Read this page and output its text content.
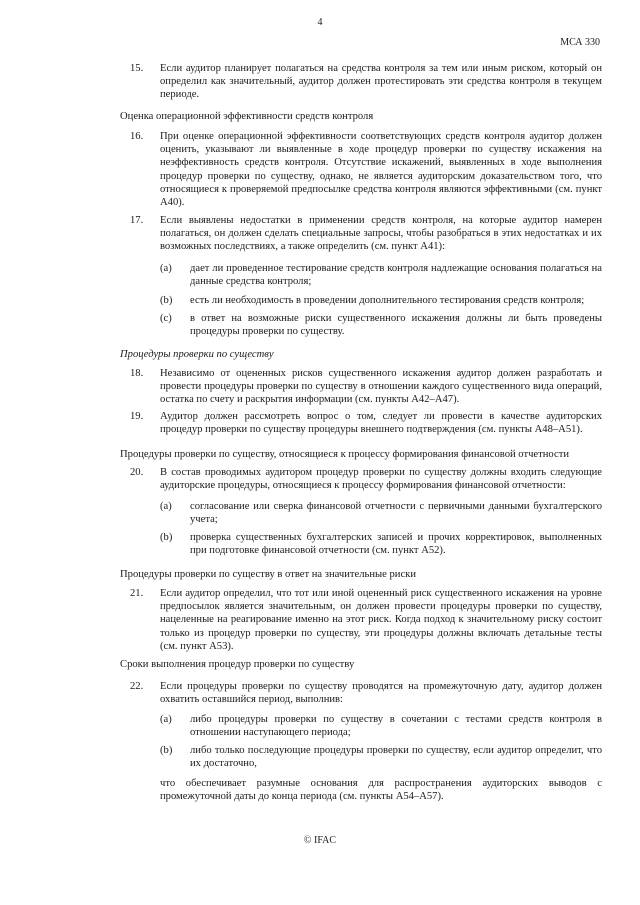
4
МСА 330
15. Если аудитор планирует полагаться на средства контроля за тем или иным риском, который он определил как значительный, аудитор должен протестировать эти средства контроля в текущем периоде.
Оценка операционной эффективности средств контроля
16. При оценке операционной эффективности соответствующих средств контроля аудитор должен оценить, указывают ли выявленные в ходе процедур проверки по существу искажения на неэффективность средств контроля. Отсутствие искажений, выявленных в ходе выполнения процедур проверки по существу, однако, не является аудиторским доказательством того, что относящиеся к проверяемой предпосылке средства контроля являются эффективными (см. пункт A40).
17. Если выявлены недостатки в применении средств контроля, на которые аудитор намерен полагаться, он должен сделать специальные запросы, чтобы разобраться в этих недостатках и их возможных последствиях, а также определить (см. пункт A41):
(a) дает ли проведенное тестирование средств контроля надлежащие основания полагаться на данные средства контроля;
(b) есть ли необходимость в проведении дополнительного тестирования средств контроля;
(c) в ответ на возможные риски существенного искажения должны ли быть проведены процедуры проверки по существу.
Процедуры проверки по существу
18. Независимо от оцененных рисков существенного искажения аудитор должен разработать и провести процедуры проверки по существу в отношении каждого существенного вида операций, остатка по счету и раскрытия информации (см. пункты A42–A47).
19. Аудитор должен рассмотреть вопрос о том, следует ли провести в качестве аудиторских процедур проверки по существу процедуры внешнего подтверждения (см. пункты A48–A51).
Процедуры проверки по существу, относящиеся к процессу формирования финансовой отчетности
20. В состав проводимых аудитором процедур проверки по существу должны входить следующие аудиторские процедуры, относящиеся к процессу формирования финансовой отчетности:
(a) согласование или сверка финансовой отчетности с первичными данными бухгалтерского учета;
(b) проверка существенных бухгалтерских записей и прочих корректировок, выполненных при подготовке финансовой отчетности (см. пункт A52).
Процедуры проверки по существу в ответ на значительные риски
21. Если аудитор определил, что тот или иной оцененный риск существенного искажения на уровне предпосылок является значительным, он должен провести процедуры проверки по существу, нацеленные на реагирование именно на этот риск. Когда подход к значительному риску состоит только из процедур проверки по существу, эти процедуры должны включать детальные тесты (см. пункт A53).
Сроки выполнения процедур проверки по существу
22. Если процедуры проверки по существу проводятся на промежуточную дату, аудитор должен охватить оставшийся период, выполнив:
(a) либо процедуры проверки по существу в сочетании с тестами средств контроля в отношении наступающего периода;
(b) либо только последующие процедуры проверки по существу, если аудитор определит, что их достаточно,
что обеспечивает разумные основания для распространения аудиторских выводов с промежуточной даты до конца периода (см. пункты A54–A57).
© IFAC
